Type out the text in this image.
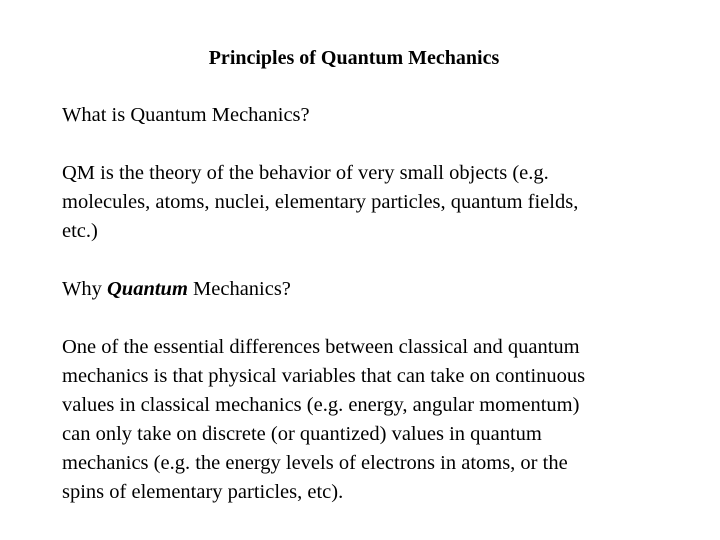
Principles of Quantum Mechanics
What is Quantum Mechanics?
QM is the theory of the behavior of very small objects (e.g.
molecules, atoms, nuclei, elementary particles, quantum fields,
etc.)
Why Quantum Mechanics?
One of the essential differences between classical and quantum
mechanics is that physical variables that can take on continuous
values in classical mechanics (e.g. energy, angular momentum)
can only take on discrete (or quantized) values in quantum
mechanics (e.g. the energy levels of electrons in atoms, or the
spins of elementary particles, etc).
